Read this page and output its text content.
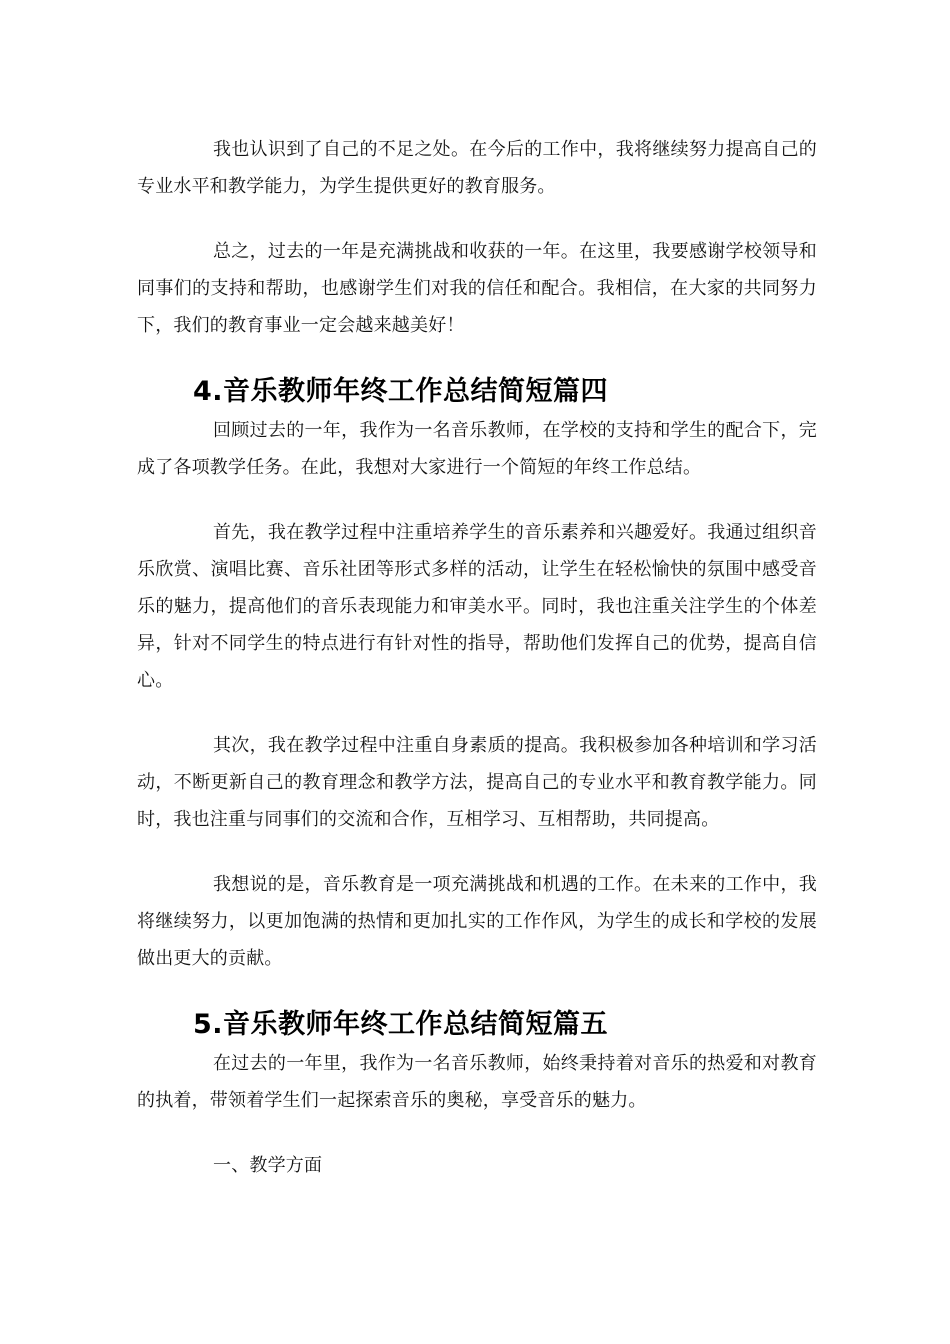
我也认识到了自己的不足之处。在今后的工作中，我将继续努力提高自己的专业水平和教学能力，为学生提供更好的教育服务。

总之，过去的一年是充满挑战和收获的一年。在这里，我要感谢学校领导和同事们的支持和帮助，也感谢学生们对我的信任和配合。我相信，在大家的共同努力下，我们的教育事业一定会越来越美好！

4.音乐教师年终工作总结简短篇四

回顾过去的一年，我作为一名音乐教师，在学校的支持和学生的配合下，完成了各项教学任务。在此，我想对大家进行一个简短的年终工作总结。

首先，我在教学过程中注重培养学生的音乐素养和兴趣爱好。我通过组织音乐欣赏、演唱比赛、音乐社团等形式多样的活动，让学生在轻松愉快的氛围中感受音乐的魅力，提高他们的音乐表现能力和审美水平。同时，我也注重关注学生的个体差异，针对不同学生的特点进行有针对性的指导，帮助他们发挥自己的优势，提高自信心。

其次，我在教学过程中注重自身素质的提高。我积极参加各种培训和学习活动，不断更新自己的教育理念和教学方法，提高自己的专业水平和教育教学能力。同时，我也注重与同事们的交流和合作，互相学习、互相帮助，共同提高。

我想说的是，音乐教育是一项充满挑战和机遇的工作。在未来的工作中，我将继续努力，以更加饱满的热情和更加扎实的工作作风，为学生的成长和学校的发展做出更大的贡献。

5.音乐教师年终工作总结简短篇五

在过去的一年里，我作为一名音乐教师，始终秉持着对音乐的热爱和对教育的执着，带领着学生们一起探索音乐的奥秘，享受音乐的魅力。

一、教学方面
